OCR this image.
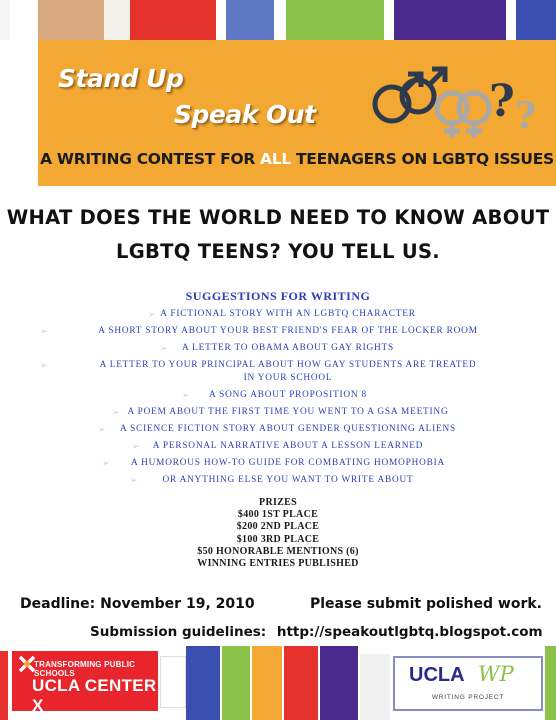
Stand Up
Speak Out	? ?
A WRITING CONTEST FOR ALL TEENAGERS ON LGBTQ ISSUES
WHAT DOES THE WORLD NEED TO KNOW ABOUT
LGBTQ TEENS? YOU TELL US.
SUGGESTIONS FOR WRITING
➢ A FICTIONAL STORY WITH AN LGBTQ CHARACTER
➢	A SHORT STORY ABOUT YOUR BEST FRIEND'S FEAR OF THE LOCKER ROOM
➢ A LETTER TO OBAMA ABOUT GAY RIGHTS
➢	A LETTER TO YOUR PRINCIPAL ABOUT HOW GAY STUDENTS ARE TREATED
IN YOUR SCHOOL
➢ A SONG ABOUT PROPOSITION 8
➢ A POEM ABOUT THE FIRST TIME YOU WENT TO A GSA MEETING
➢ A SCIENCE FICTION STORY ABOUT GENDER QUESTIONING ALIENS
➢ A PERSONAL NARRATIVE ABOUT A LESSON LEARNED
➢ A HUMOROUS HOW-TO GUIDE FOR COMBATING HOMOPHOBIA
➢	OR ANYTHING ELSE YOU WANT TO WRITE ABOUT
PRIZES
$400 1ST PLACE
$200 2ND PLACE
$100 3RD PLACE
$50 HONORABLE MENTIONS (6)
WINNING ENTRIES PUBLISHED
Deadline: November 19, 2010	Please submit polished work.
Submission guidelines: http://speakoutlgbtq.blogspot.com
TRANSFORMING PUBLIC SCHOOLS
UCLA CENTER X
UCLA WP
WRITING PROJECT
